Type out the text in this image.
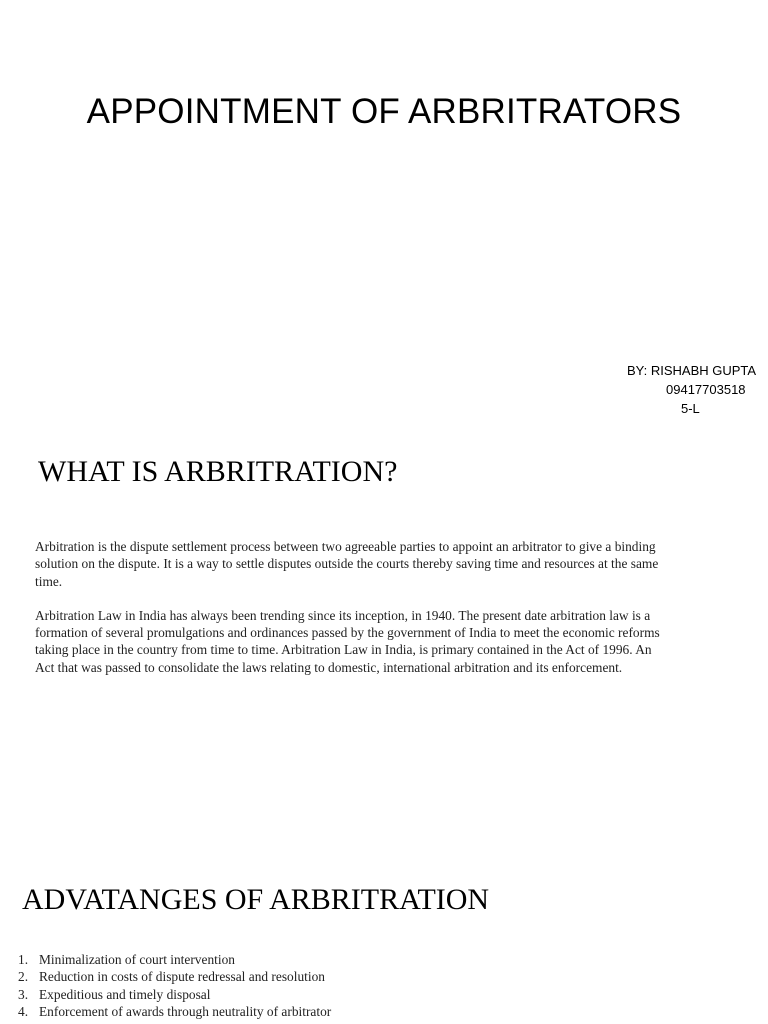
APPOINTMENT OF ARBRITRATORS
BY: RISHABH GUPTA
09417703518
5-L
WHAT IS ARBRITRATION?

Arbitration is the dispute settlement process between two agreeable parties to appoint an arbitrator to give a binding solution on the dispute. It is a way to settle disputes outside the courts thereby saving time and resources at the same time.

Arbitration Law in India has always been trending since its inception, in 1940. The present date arbitration law is a formation of several promulgations and ordinances passed by the government of India to meet the economic reforms taking place in the country from time to time. Arbitration Law in India, is primary contained in the Act of 1996. An Act that was passed to consolidate the laws relating to domestic, international arbitration and its enforcement.

ADVATANGES OF ARBRITRATION
1. Minimalization of court intervention
2. Reduction in costs of dispute redressal and resolution
3. Expeditious and timely disposal
4. Enforcement of awards through neutrality of arbitrator
